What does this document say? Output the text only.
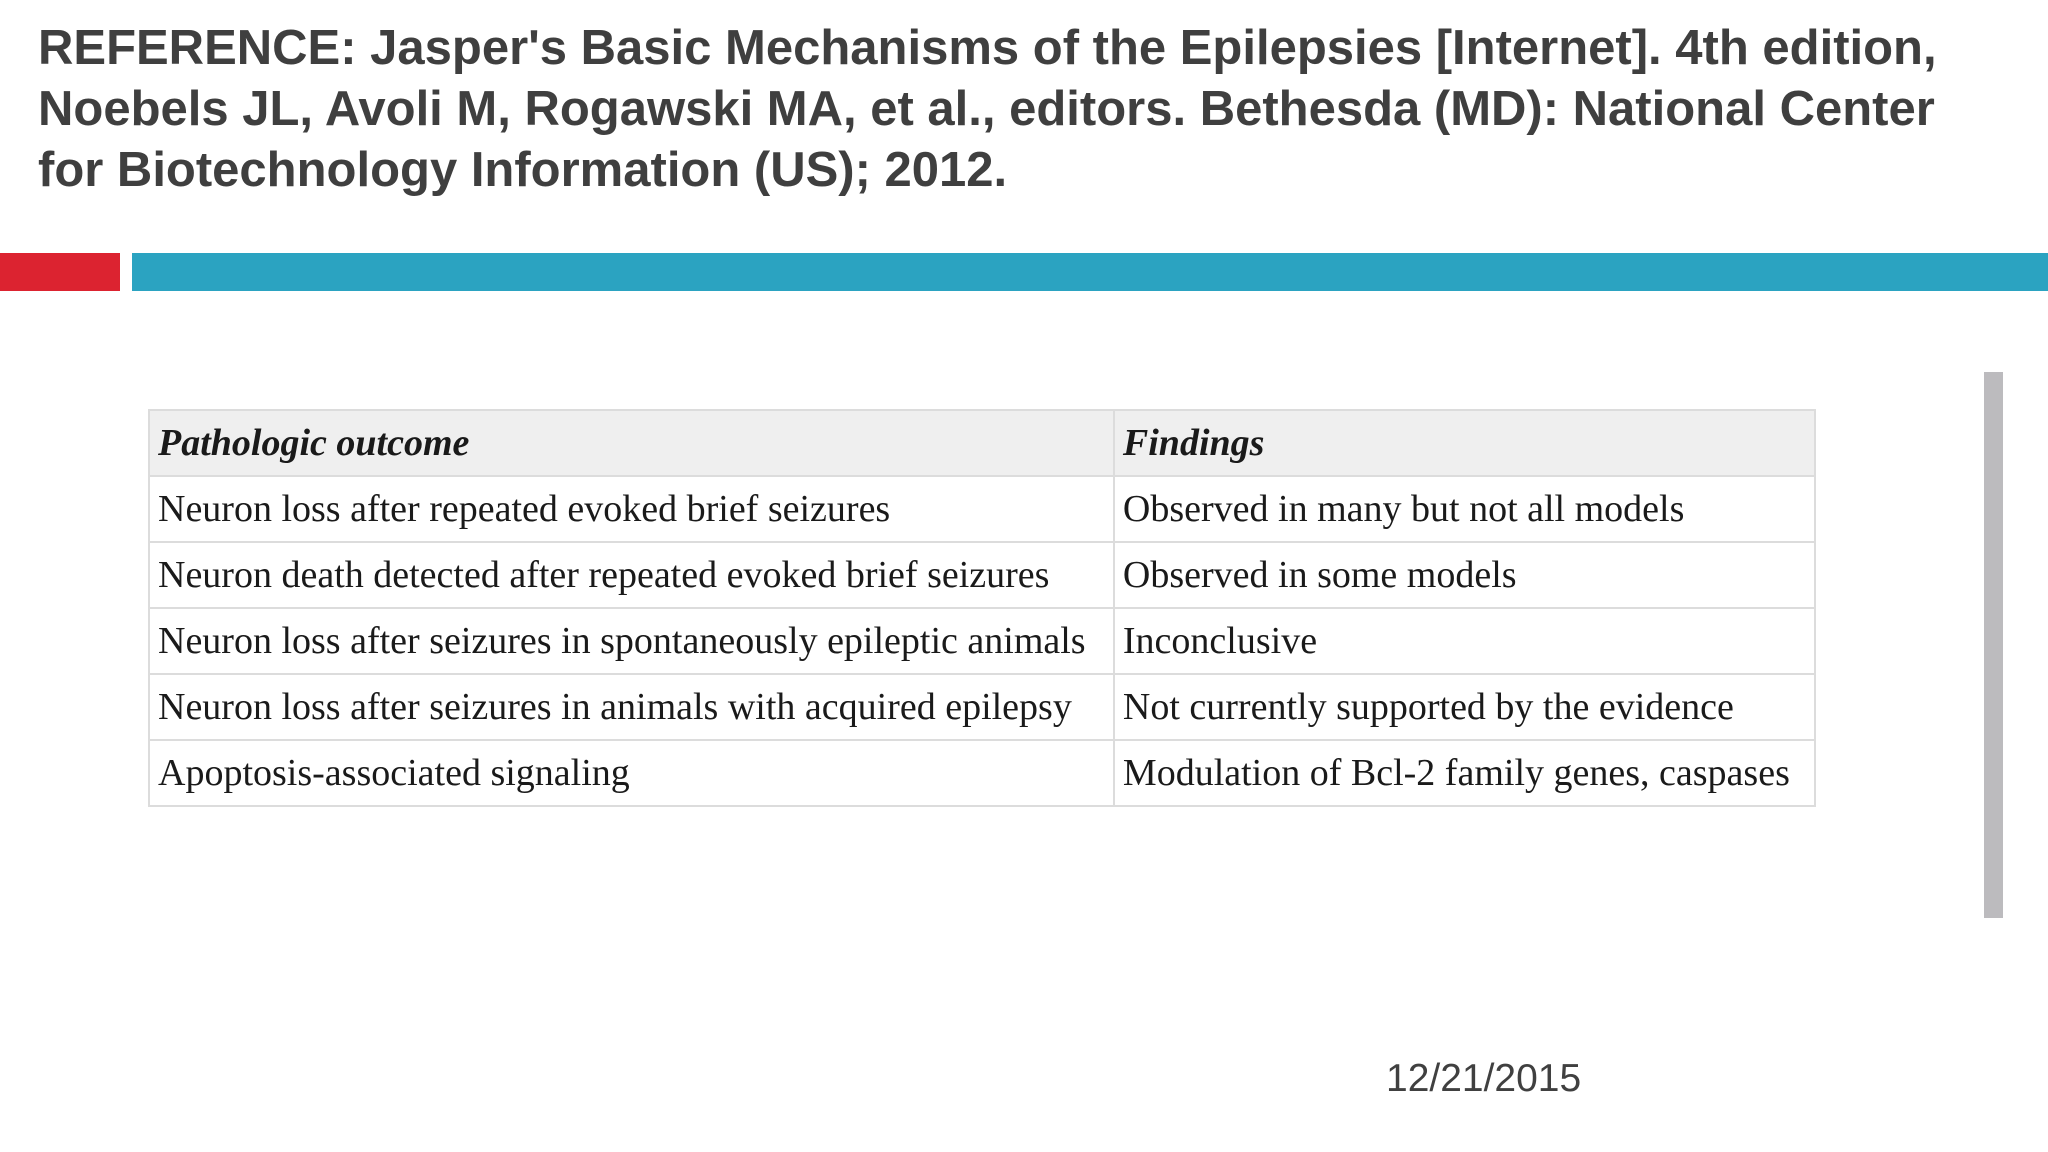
REFERENCE: Jasper's Basic Mechanisms of the Epilepsies [Internet]. 4th edition, Noebels JL, Avoli M, Rogawski MA, et al., editors. Bethesda (MD): National Center for Biotechnology Information (US); 2012.
Pathologic outcome	Findings
Neuron loss after repeated evoked brief seizures	Observed in many but not all models
Neuron death detected after repeated evoked brief seizures	Observed in some models
Neuron loss after seizures in spontaneously epileptic animals	Inconclusive
Neuron loss after seizures in animals with acquired epilepsy	Not currently supported by the evidence
Apoptosis-associated signaling	Modulation of Bcl-2 family genes, caspases
12/21/2015
